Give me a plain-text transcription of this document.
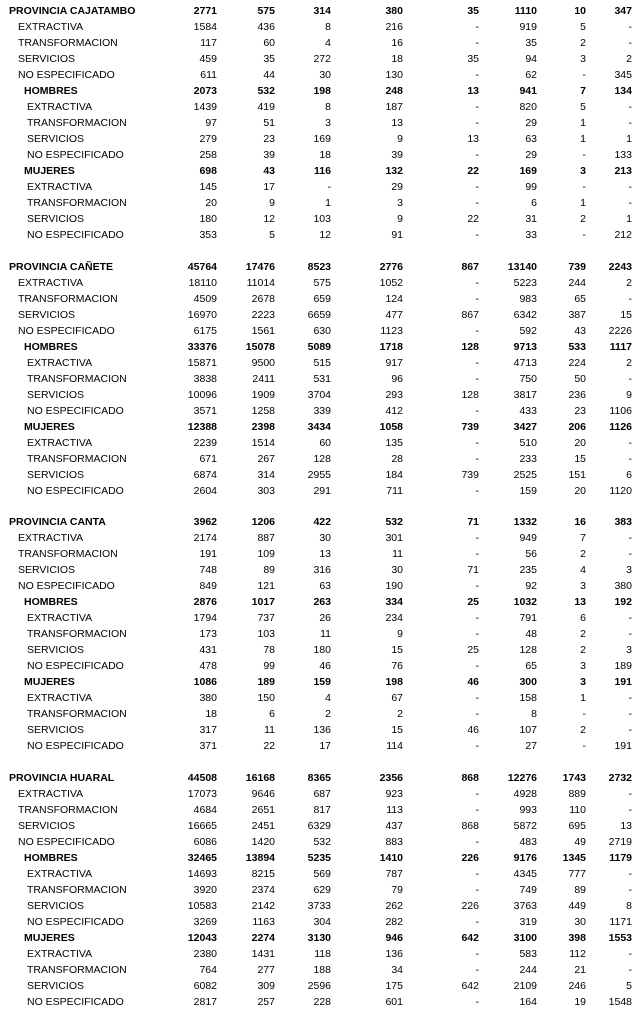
PROVINCIA CAJATAMBO	2771	575	314	380	35	1110	10	347
EXTRACTIVA	1584	436	8	216	-	919	5	-
TRANSFORMACION	117	60	4	16	-	35	2	-
SERVICIOS	459	35	272	18	35	94	3	2
NO ESPECIFICADO	611	44	30	130	-	62	-	345
HOMBRES	2073	532	198	248	13	941	7	134
EXTRACTIVA	1439	419	8	187	-	820	5	-
TRANSFORMACION	97	51	3	13	-	29	1	-
SERVICIOS	279	23	169	9	13	63	1	1
NO ESPECIFICADO	258	39	18	39	-	29	-	133
MUJERES	698	43	116	132	22	169	3	213
EXTRACTIVA	145	17	-	29	-	99	-	-
TRANSFORMACION	20	9	1	3	-	6	1	-
SERVICIOS	180	12	103	9	22	31	2	1
NO ESPECIFICADO	353	5	12	91	-	33	-	212
PROVINCIA CAÑETE	45764	17476	8523	2776	867	13140	739	2243
EXTRACTIVA	18110	11014	575	1052	-	5223	244	2
TRANSFORMACION	4509	2678	659	124	-	983	65	-
SERVICIOS	16970	2223	6659	477	867	6342	387	15
NO ESPECIFICADO	6175	1561	630	1123	-	592	43	2226
HOMBRES	33376	15078	5089	1718	128	9713	533	1117
EXTRACTIVA	15871	9500	515	917	-	4713	224	2
TRANSFORMACION	3838	2411	531	96	-	750	50	-
SERVICIOS	10096	1909	3704	293	128	3817	236	9
NO ESPECIFICADO	3571	1258	339	412	-	433	23	1106
MUJERES	12388	2398	3434	1058	739	3427	206	1126
EXTRACTIVA	2239	1514	60	135	-	510	20	-
TRANSFORMACION	671	267	128	28	-	233	15	-
SERVICIOS	6874	314	2955	184	739	2525	151	6
NO ESPECIFICADO	2604	303	291	711	-	159	20	1120
PROVINCIA CANTA	3962	1206	422	532	71	1332	16	383
EXTRACTIVA	2174	887	30	301	-	949	7	-
TRANSFORMACION	191	109	13	11	-	56	2	-
SERVICIOS	748	89	316	30	71	235	4	3
NO ESPECIFICADO	849	121	63	190	-	92	3	380
HOMBRES	2876	1017	263	334	25	1032	13	192
EXTRACTIVA	1794	737	26	234	-	791	6	-
TRANSFORMACION	173	103	11	9	-	48	2	-
SERVICIOS	431	78	180	15	25	128	2	3
NO ESPECIFICADO	478	99	46	76	-	65	3	189
MUJERES	1086	189	159	198	46	300	3	191
EXTRACTIVA	380	150	4	67	-	158	1	-
TRANSFORMACION	18	6	2	2	-	8	-	-
SERVICIOS	317	11	136	15	46	107	2	-
NO ESPECIFICADO	371	22	17	114	-	27	-	191
PROVINCIA HUARAL	44508	16168	8365	2356	868	12276	1743	2732
EXTRACTIVA	17073	9646	687	923	-	4928	889	-
TRANSFORMACION	4684	2651	817	113	-	993	110	-
SERVICIOS	16665	2451	6329	437	868	5872	695	13
NO ESPECIFICADO	6086	1420	532	883	-	483	49	2719
HOMBRES	32465	13894	5235	1410	226	9176	1345	1179
EXTRACTIVA	14693	8215	569	787	-	4345	777	-
TRANSFORMACION	3920	2374	629	79	-	749	89	-
SERVICIOS	10583	2142	3733	262	226	3763	449	8
NO ESPECIFICADO	3269	1163	304	282	-	319	30	1171
MUJERES	12043	2274	3130	946	642	3100	398	1553
EXTRACTIVA	2380	1431	118	136	-	583	112	-
TRANSFORMACION	764	277	188	34	-	244	21	-
SERVICIOS	6082	309	2596	175	642	2109	246	5
NO ESPECIFICADO	2817	257	228	601	-	164	19	1548
